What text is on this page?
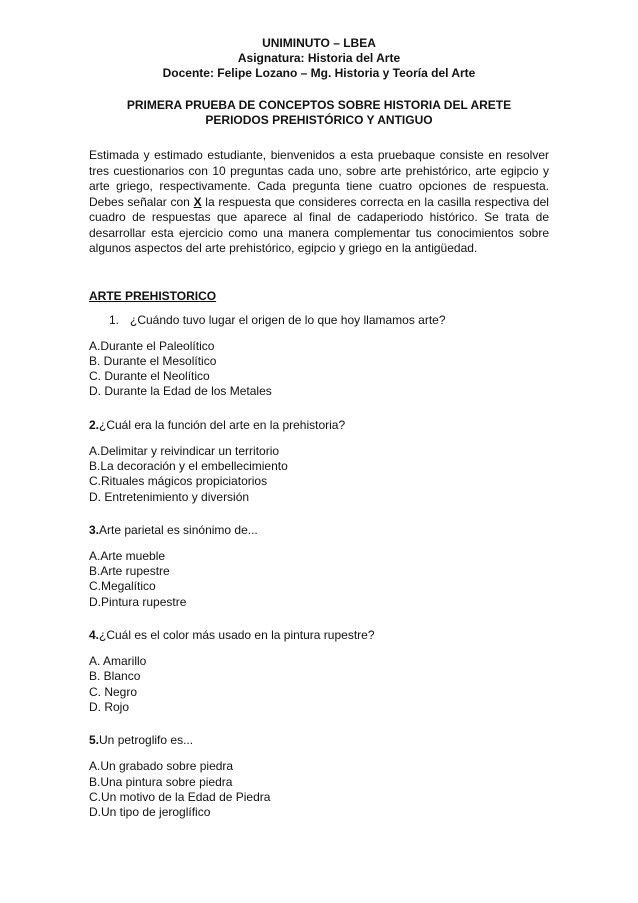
UNIMINUTO – LBEA
Asignatura: Historia del Arte
Docente: Felipe Lozano – Mg. Historia y Teoría del Arte
PRIMERA PRUEBA DE CONCEPTOS SOBRE HISTORIA DEL ARETE
PERIODOS PREHISTÓRICO Y ANTIGUO
Estimada y estimado estudiante, bienvenidos a esta pruebaque consiste en resolver tres cuestionarios con 10 preguntas cada uno, sobre arte prehistórico, arte egipcio y arte griego, respectivamente. Cada pregunta tiene cuatro opciones de respuesta. Debes señalar con X la respuesta que consideres correcta en la casilla respectiva del cuadro de respuestas que aparece al final de cadaperiodo histórico. Se trata de desarrollar esta ejercicio como una manera complementar tus conocimientos sobre algunos aspectos del arte prehistórico, egipcio y griego en la antigüedad.
ARTE PREHISTORICO
1. ¿Cuándo tuvo lugar el origen de lo que hoy llamamos arte?
A.Durante el Paleolítico
B. Durante el Mesolítico
C. Durante el Neolítico
D. Durante la Edad de los Metales
2.¿Cuál era la función del arte en la prehistoria?
A.Delimitar y reivindicar un territorio
B.La decoración y el embellecimiento
C.Rituales mágicos propiciatorios
D. Entretenimiento y diversión
3.Arte parietal es sinónimo de...
A.Arte mueble
B.Arte rupestre
C.Megalítico
D.Pintura rupestre
4.¿Cuál es el color más usado en la pintura rupestre?
A. Amarillo
B. Blanco
C. Negro
D. Rojo
5.Un petroglifo es...
A.Un grabado sobre piedra
B.Una pintura sobre piedra
C.Un motivo de la Edad de Piedra
D.Un tipo de jeroglífico
